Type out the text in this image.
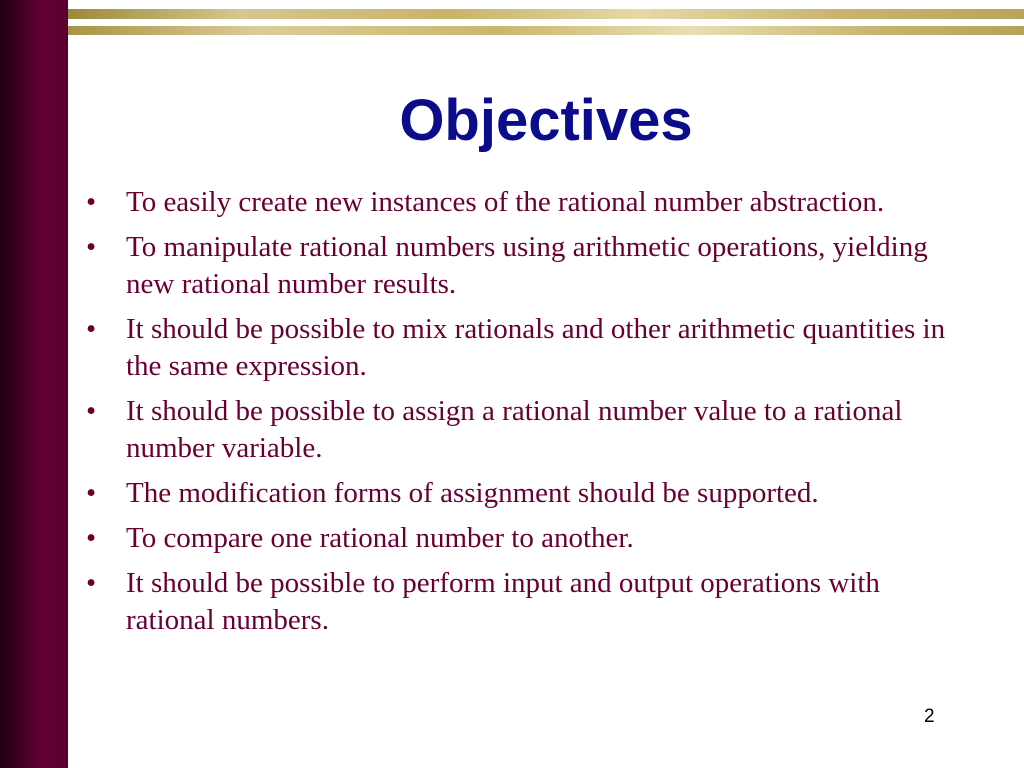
Objectives
• To easily create new instances of the rational number abstraction.
• To manipulate rational numbers using arithmetic operations, yielding new rational number results.
• It should be possible to mix rationals and other arithmetic quantities in the same expression.
• It should be possible to assign a rational number value to a rational number variable.
• The modification forms of assignment should be supported.
• To compare one rational number to another.
• It should be possible to perform input and output operations with rational numbers.
2
